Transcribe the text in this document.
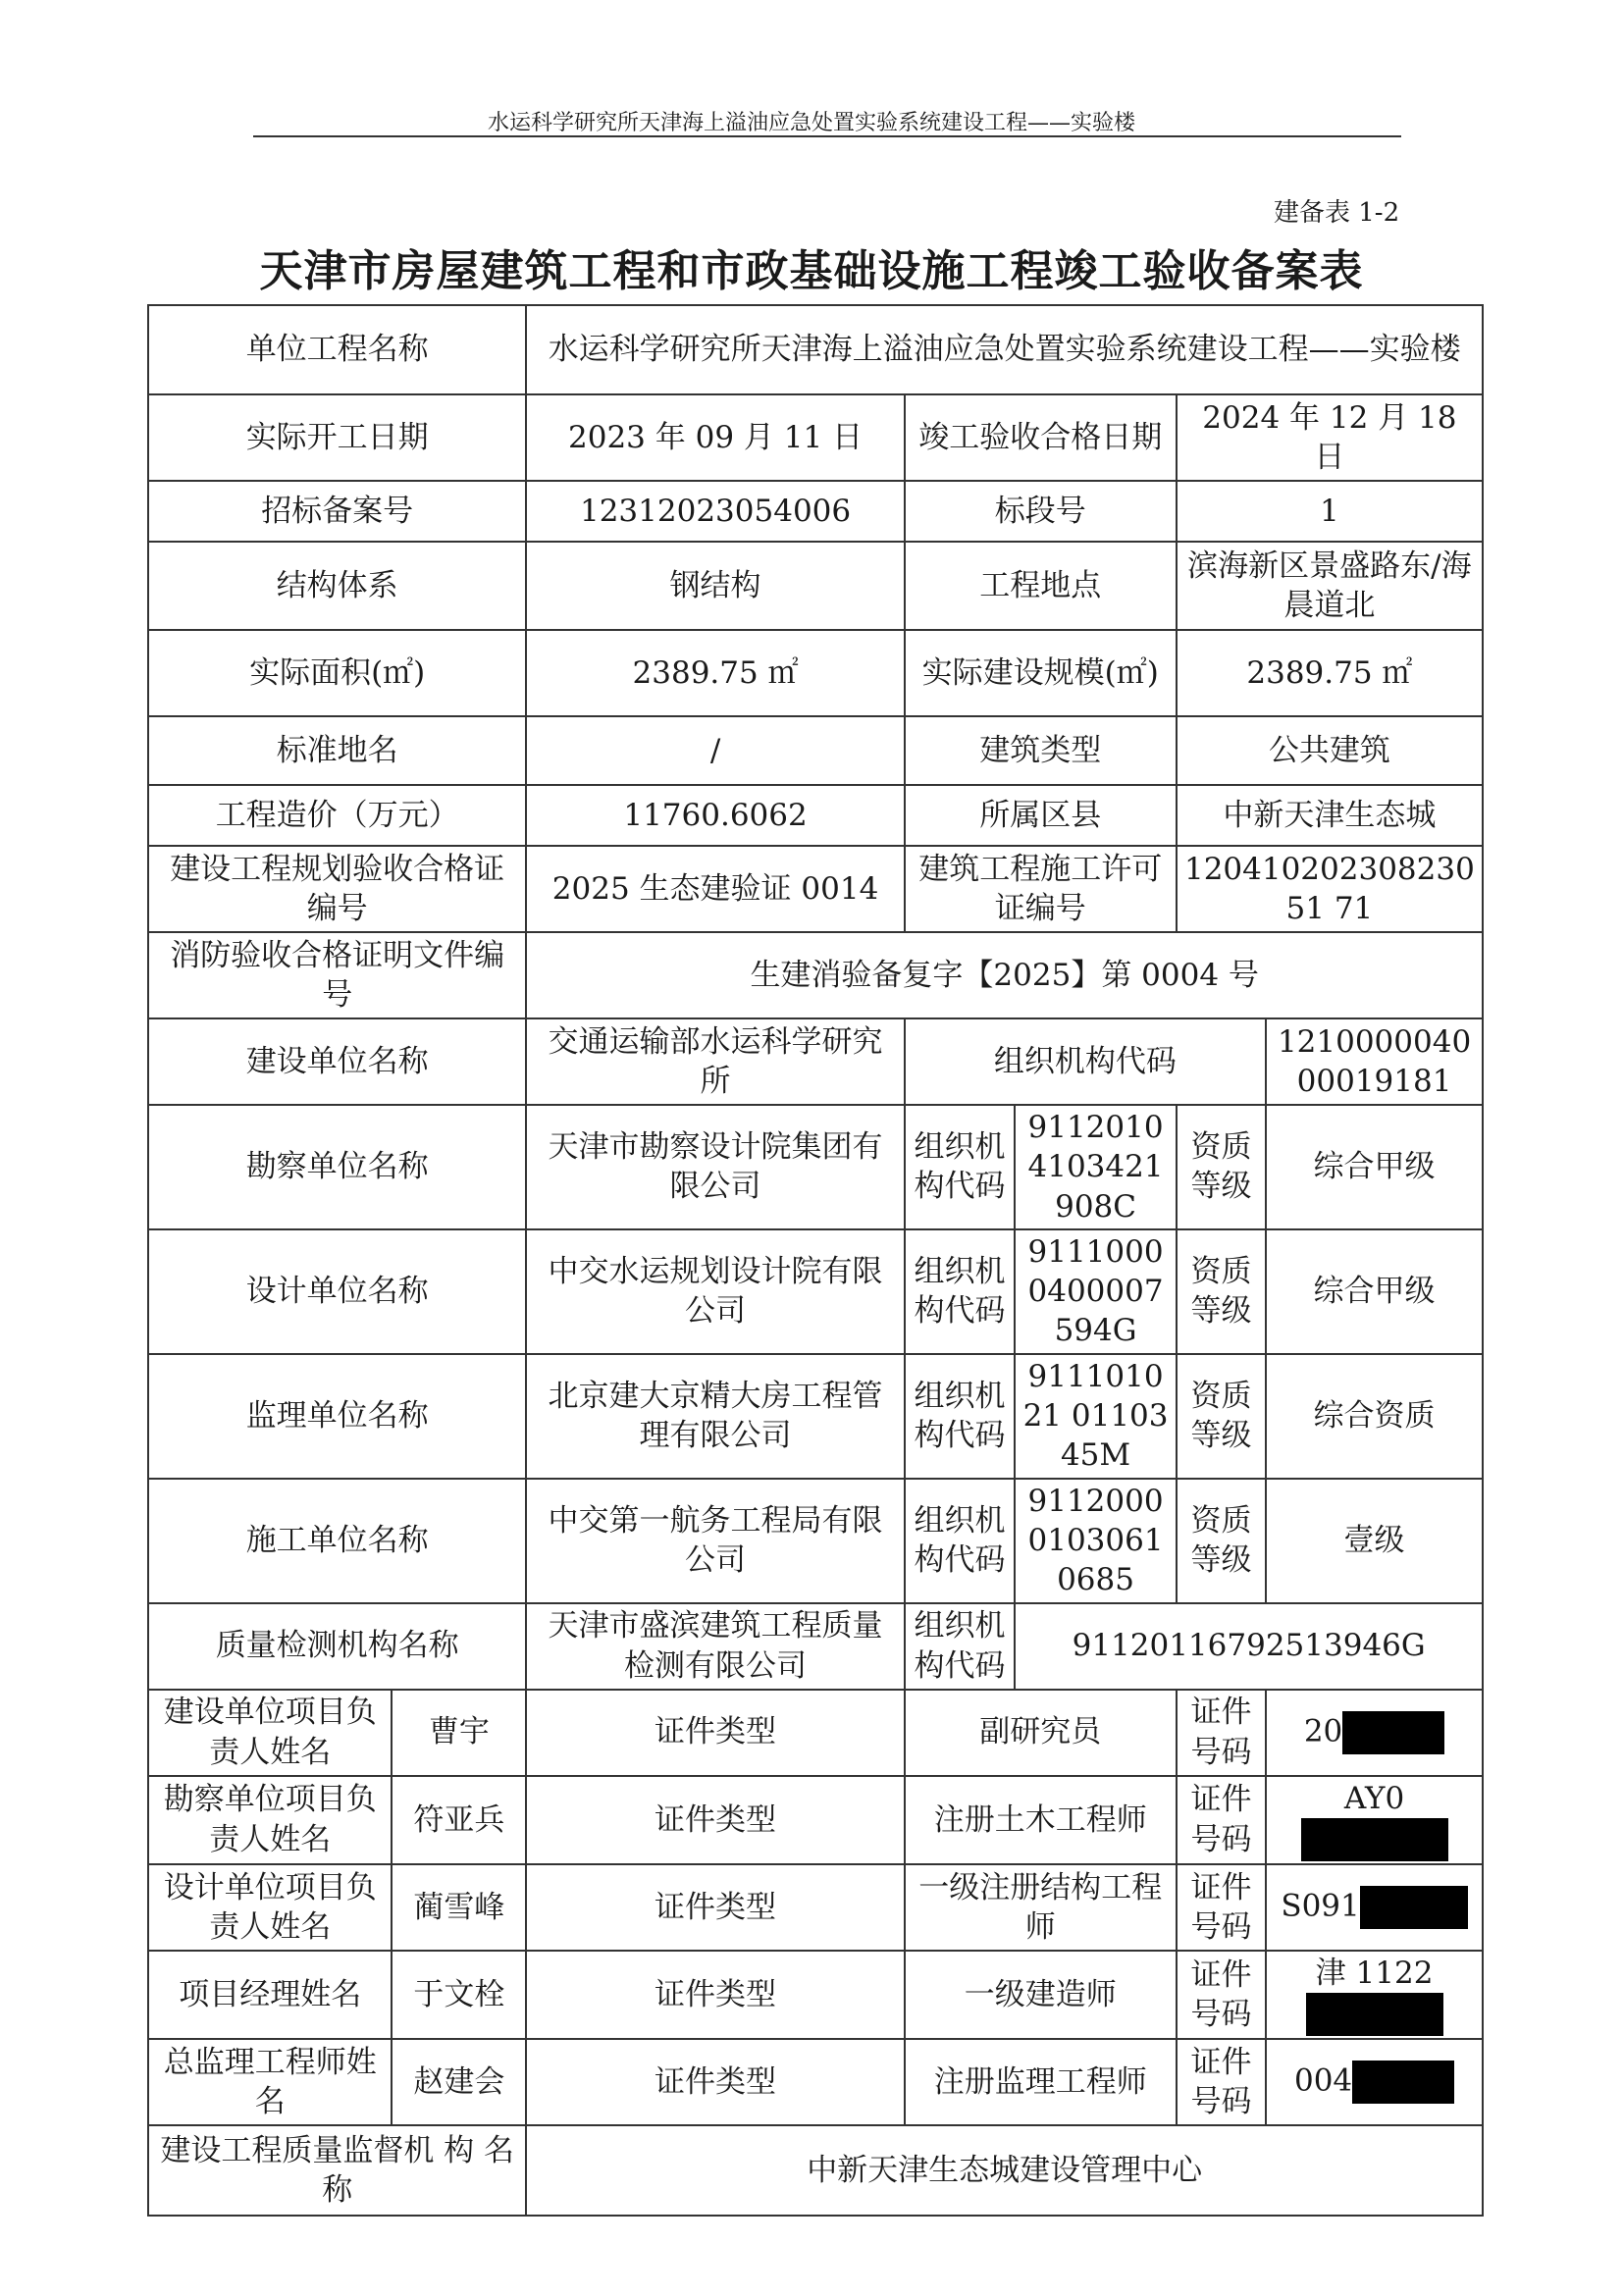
水运科学研究所天津海上溢油应急处置实验系统建设工程——实验楼
建备表 1-2
天津市房屋建筑工程和市政基础设施工程竣工验收备案表
单位工程名称		水运科学研究所天津海上溢油应急处置实验系统建设工程——实验楼				
实际开工日期		2023 年 09 月 11 日	竣工验收合格日期		2024 年 12 月 18 日	
招标备案号		12312023054006	标段号		1	
结构体系		钢结构	工程地点		滨海新区景盛路东/海晨道北	
实际面积(㎡)		2389.75 ㎡	实际建设规模(㎡)		2389.75 ㎡	
标准地名		/	建筑类型		公共建筑	
工程造价（万元）		11760.6062	所属区县		中新天津生态城	
建设工程规划验收合格证编号		2025 生态建验证 0014	建筑工程施工许可证编号		12041020230823051 71	
消防验收合格证明文件编号		生建消验备复字【2025】第 0004 号				
建设单位名称		交通运输部水运科学研究所	组织机构代码			121000004000019181
勘察单位名称		天津市勘察设计院集团有限公司	组织机构代码	91120104103421908C	资质等级	综合甲级
设计单位名称		中交水运规划设计院有限公司	组织机构代码	91110000400007594G	资质等级	综合甲级
监理单位名称		北京建大京精大房工程管理有限公司	组织机构代码	911101021 0110345M	资质等级	综合资质
施工单位名称		中交第一航务工程局有限公司	组织机构代码	911200001030610685	资质等级	壹级
质量检测机构名称		天津市盛滨建筑工程质量检测有限公司	组织机构代码	91120116792513946G		
建设单位项目负责人姓名	曹宇	证件类型	副研究员		证件号码	20
勘察单位项目负责人姓名	符亚兵	证件类型	注册土木工程师		证件号码	AY0
设计单位项目负责人姓名	蔺雪峰	证件类型	一级注册结构工程师		证件号码	S091
项目经理姓名	于文栓	证件类型	一级建造师		证件号码	津 1122
总监理工程师姓名	赵建会	证件类型	注册监理工程师		证件号码	004
建设工程质量监督机 构 名 称		中新天津生态城建设管理中心				
